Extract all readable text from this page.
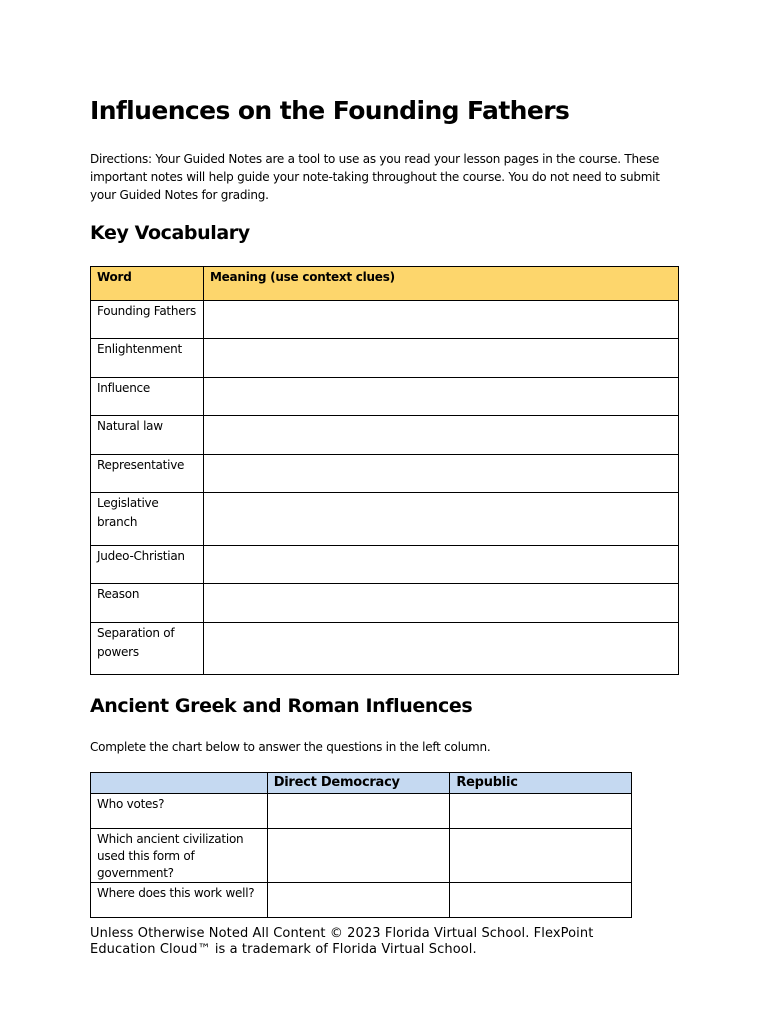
Influences on the Founding Fathers

Directions: Your Guided Notes are a tool to use as you read your lesson pages in the course. These important notes will help guide your note-taking throughout the course. You do not need to submit your Guided Notes for grading.

Key Vocabulary
Word	Meaning (use context clues)
Founding Fathers	
Enlightenment	
Influence	
Natural law	
Representative	
Legislative branch	
Judeo-Christian	
Reason	
Separation of powers	
Ancient Greek and Roman Influences

Complete the chart below to answer the questions in the left column.

	Direct Democracy	Republic
Who votes?		
Which ancient civilization used this form of government?		
Where does this work well?		

Unless Otherwise Noted All Content © 2023 Florida Virtual School. FlexPoint Education Cloud™ is a trademark of Florida Virtual School.
